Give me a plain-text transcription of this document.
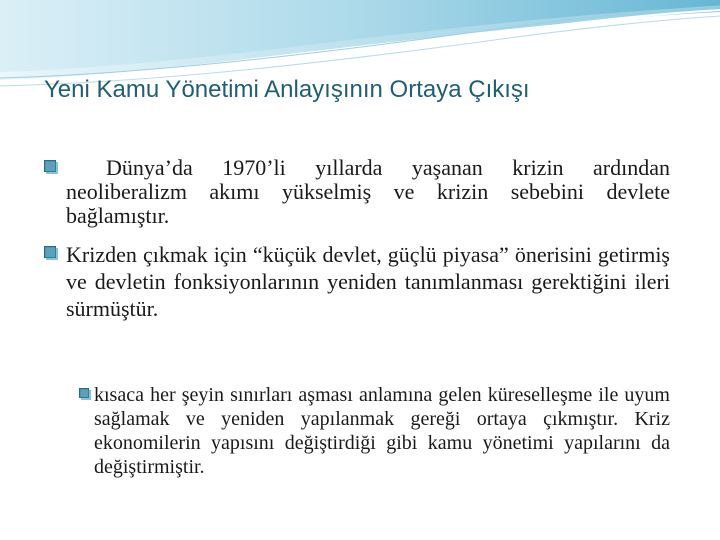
Yeni Kamu Yönetimi Anlayışının Ortaya Çıkışı

Dünya’da 1970’li yıllarda yaşanan krizin ardından neoliberalizm akımı yükselmiş ve krizin sebebini devlete bağlamıştır.

Krizden çıkmak için “küçük devlet, güçlü piyasa” önerisini getirmiş ve devletin fonksiyonlarının yeniden tanımlanması gerektiğini ileri sürmüştür.

kısaca her şeyin sınırları aşması anlamına gelen küreselleşme ile uyum sağlamak ve yeniden yapılanmak gereği ortaya çıkmıştır. Kriz ekonomilerin yapısını değiştirdiği gibi kamu yönetimi yapılarını da değiştirmiştir.
